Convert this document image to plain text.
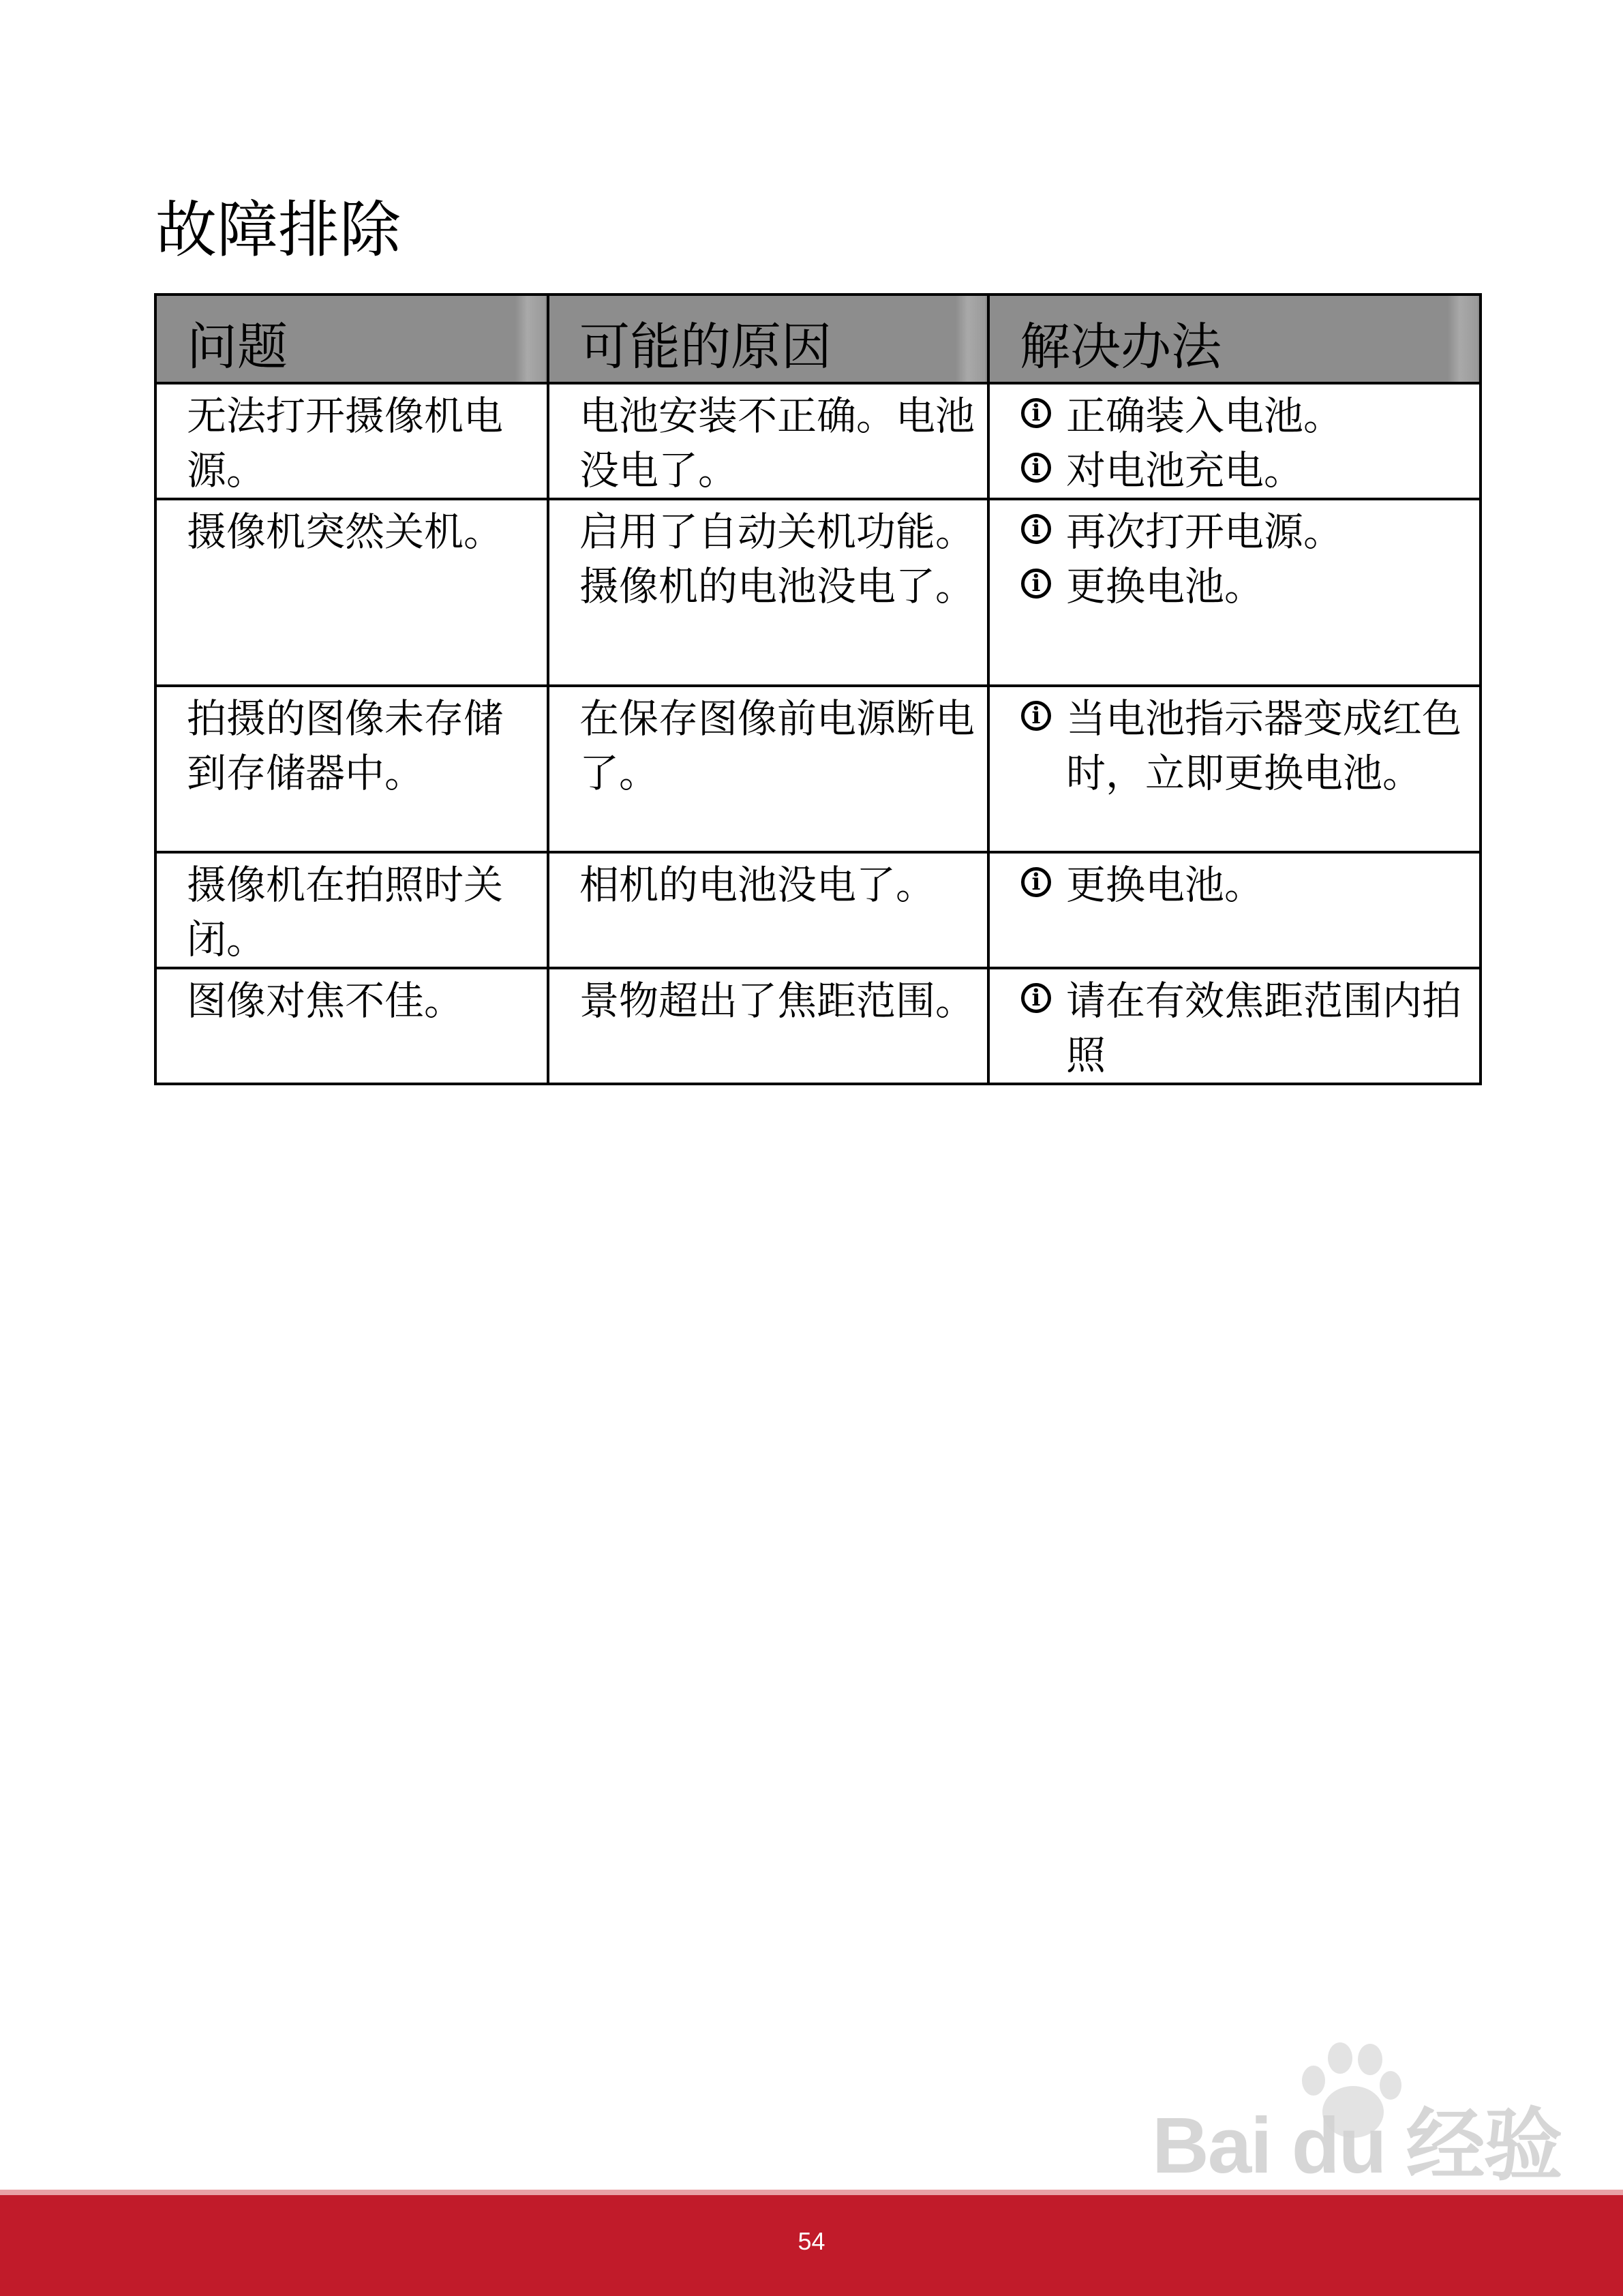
故障排除
问题	可能的原因	解决办法

无法打开摄像机电源。	电池安装不正确。电池没电了。	i 正确装入电池。
i 对电池充电。

摄像机突然关机。	启用了自动关机功能。摄像机的电池没电了。	i 再次打开电源。
i 更换电池。

拍摄的图像未存储到存储器中。	在保存图像前电源断电了。	i 当电池指示器变成红色时，立即更换电池。

摄像机在拍照时关闭。	相机的电池没电了。	i 更换电池。

图像对焦不佳。	景物超出了焦距范围。	i 请在有效焦距范围内拍照
Bai du 经验
54
